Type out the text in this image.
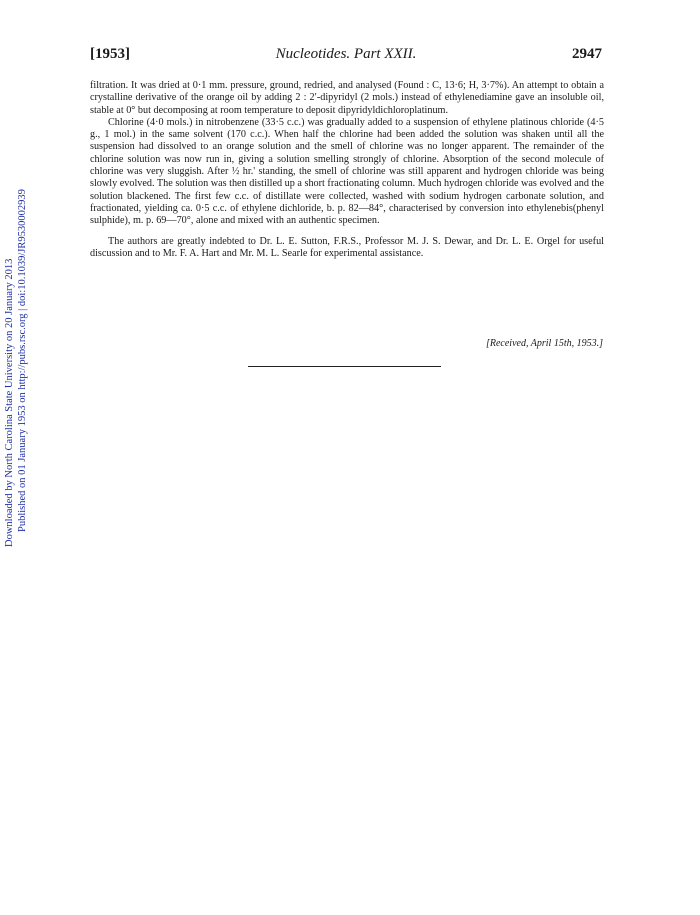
[1953]	Nucleotides. Part XXII.	2947

filtration. It was dried at 0·1 mm. pressure, ground, redried, and analysed (Found : C, 13·6; H, 3·7%). An attempt to obtain a crystalline derivative of the orange oil by adding 2 : 2′-dipyridyl (2 mols.) instead of ethylenediamine gave an insoluble oil, stable at 0° but decomposing at room temperature to deposit dipyridyldichloroplatinum.

Chlorine (4·0 mols.) in nitrobenzene (33·5 c.c.) was gradually added to a suspension of ethylene platinous chloride (4·5 g., 1 mol.) in the same solvent (170 c.c.). When half the chlorine had been added the solution was shaken until all the suspension had dissolved to an orange solution and the smell of chlorine was no longer apparent. The remainder of the chlorine solution was now run in, giving a solution smelling strongly of chlorine. Absorption of the second molecule of chlorine was very sluggish. After ½ hr.' standing, the smell of chlorine was still apparent and hydrogen chloride was being slowly evolved. The solution was then distilled up a short fractionating column. Much hydrogen chloride was evolved and the solution blackened. The first few c.c. of distillate were collected, washed with sodium hydrogen carbonate solution, and fractionated, yielding ca. 0·5 c.c. of ethylene dichloride, b. p. 82—84°, characterised by conversion into ethylenebis(phenyl sulphide), m. p. 69—70°, alone and mixed with an authentic specimen.

The authors are greatly indebted to Dr. L. E. Sutton, F.R.S., Professor M. J. S. Dewar, and Dr. L. E. Orgel for useful discussion and to Mr. F. A. Hart and Mr. M. L. Searle for experimental assistance.

[Received, April 15th, 1953.]
Downloaded by North Carolina State University on 20 January 2013 Published on 01 January 1953 on http://pubs.rsc.org | doi:10.1039/JR9530002939
